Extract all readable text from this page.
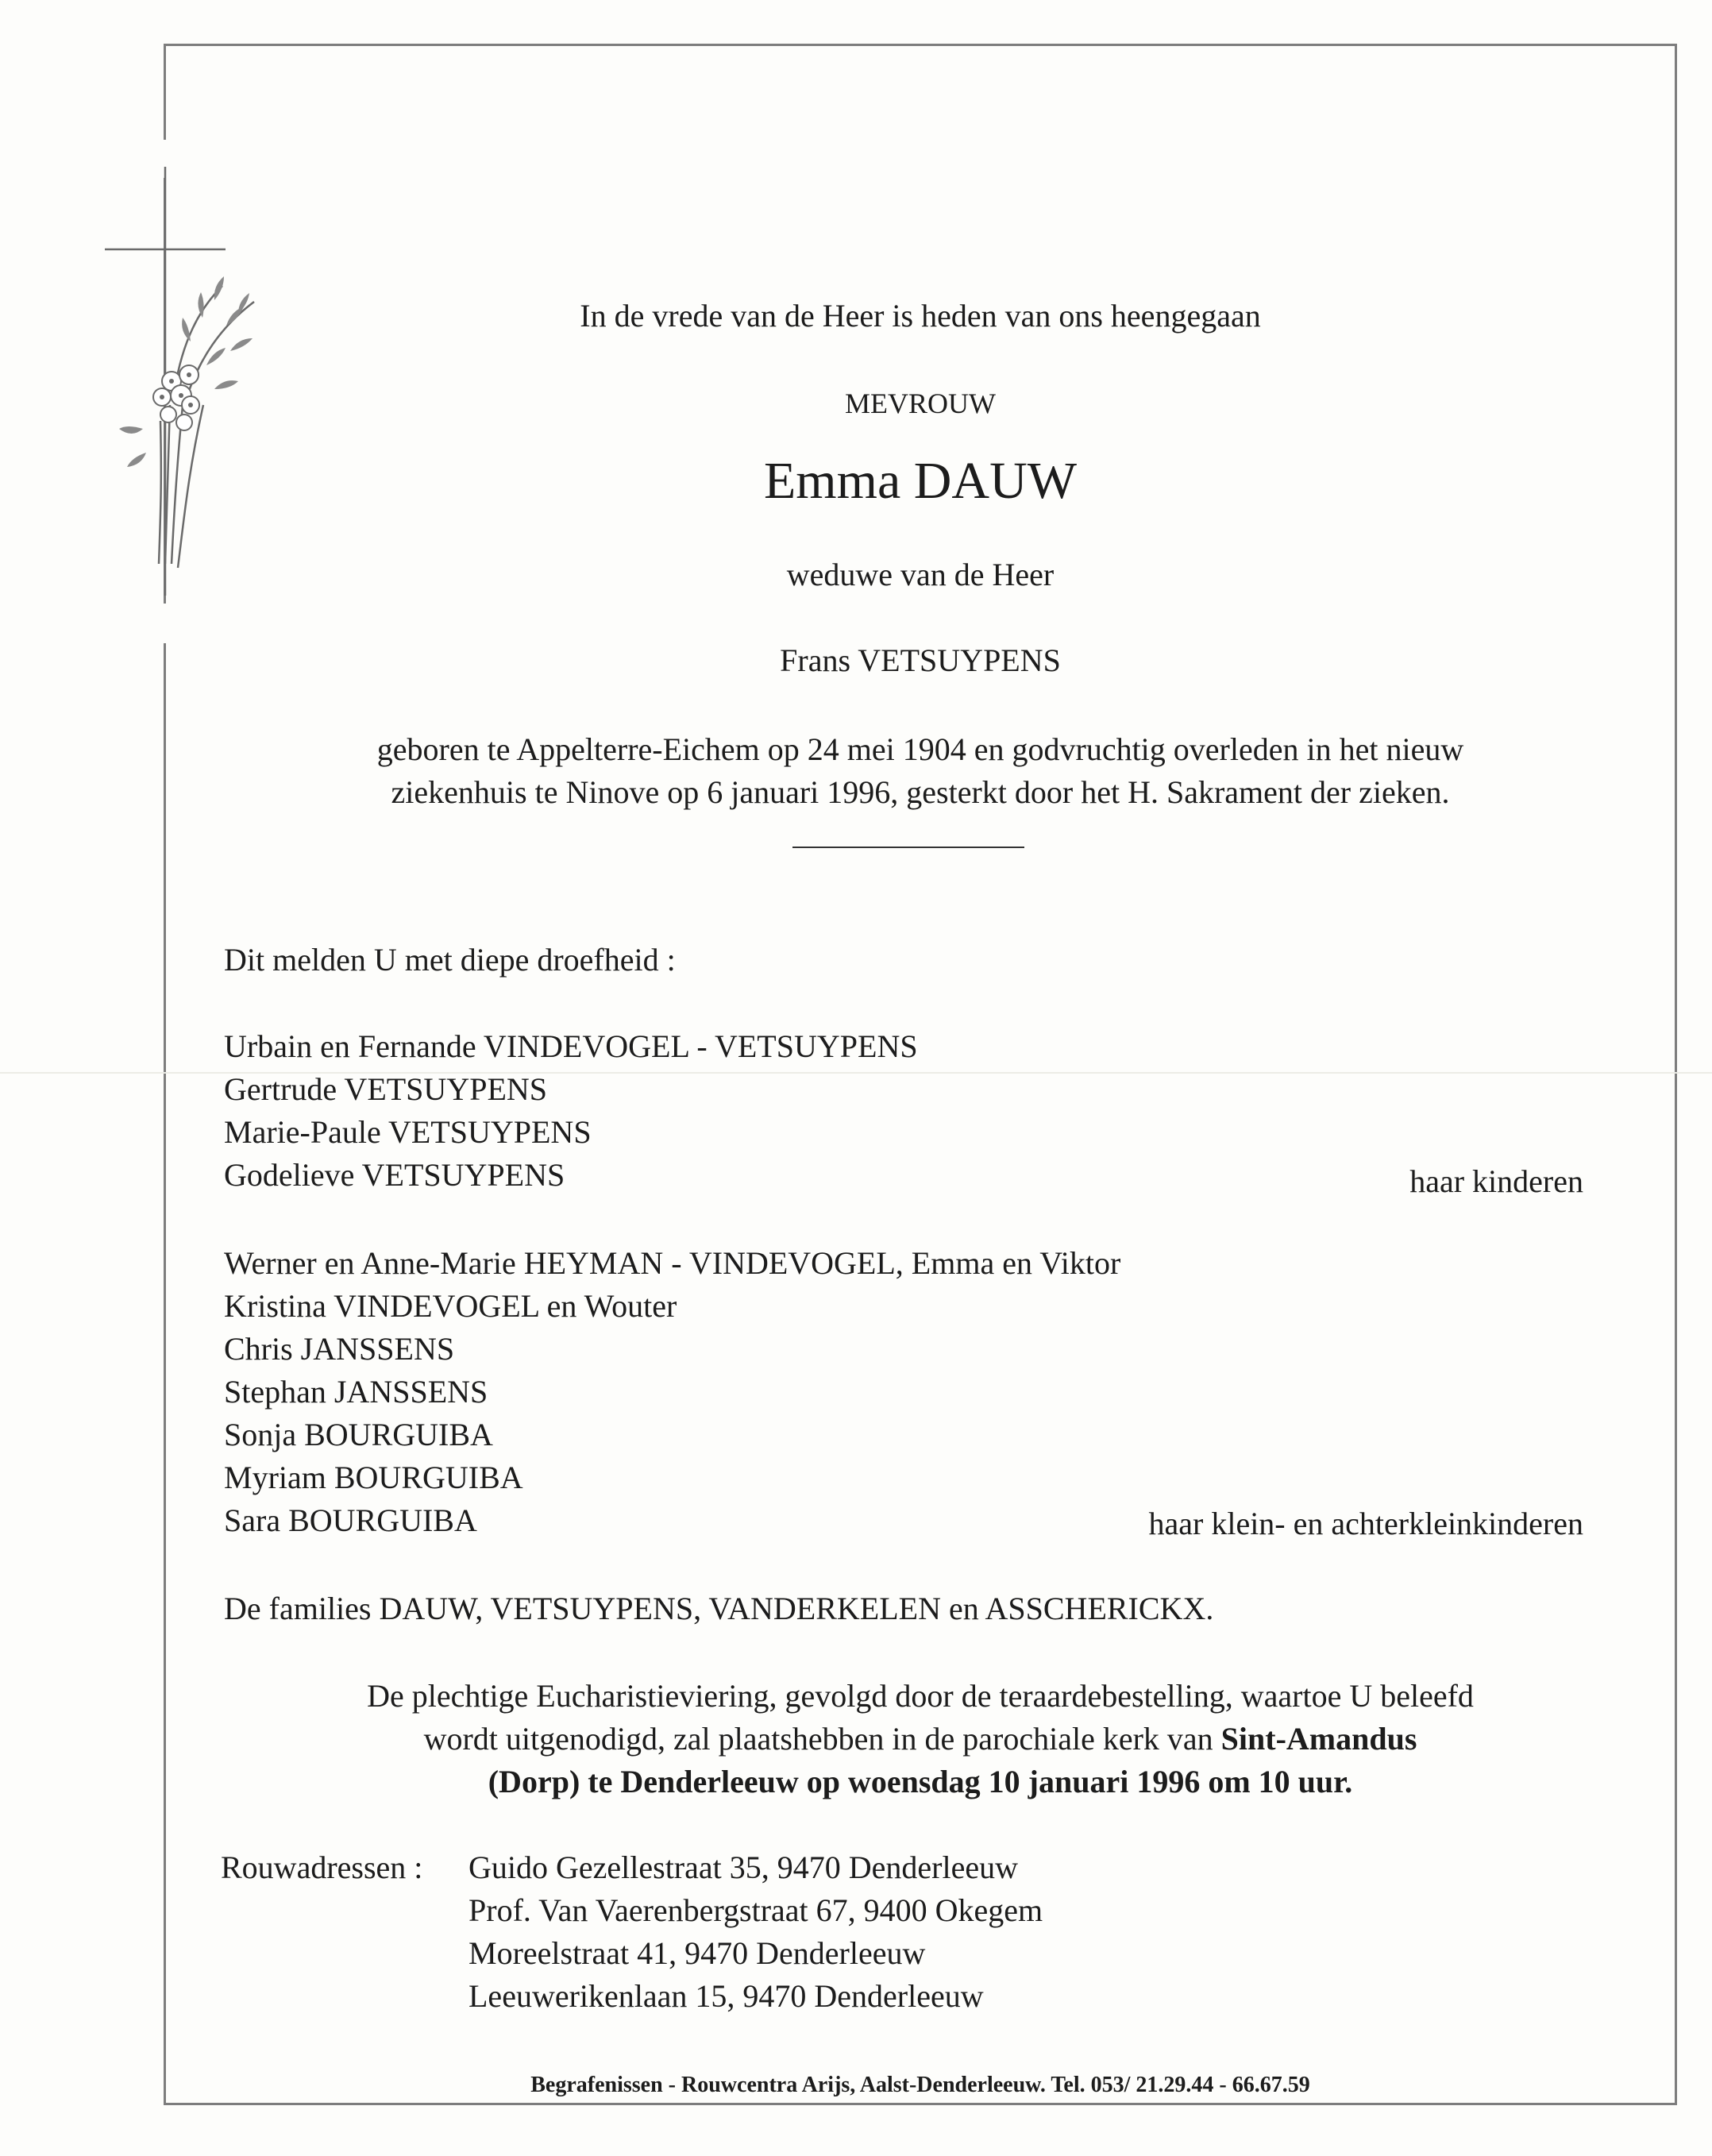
In de vrede van de Heer is heden van ons heengegaan
MEVROUW
Emma DAUW
weduwe van de Heer
Frans VETSUYPENS
geboren te Appelterre-Eichem op 24 mei 1904 en godvruchtig overleden in het nieuw
ziekenhuis te Ninove op 6 januari 1996, gesterkt door het H. Sakrament der zieken.
Dit melden U met diepe droefheid :
Urbain en Fernande VINDEVOGEL - VETSUYPENS
Gertrude VETSUYPENS
Marie-Paule VETSUYPENS
Godelieve VETSUYPENS	haar kinderen
Werner en Anne-Marie HEYMAN - VINDEVOGEL, Emma en Viktor
Kristina VINDEVOGEL en Wouter
Chris JANSSENS
Stephan JANSSENS
Sonja BOURGUIBA
Myriam BOURGUIBA
Sara BOURGUIBA	haar klein- en achterkleinkinderen
De families DAUW, VETSUYPENS, VANDERKELEN en ASSCHERICKX.
De plechtige Eucharistieviering, gevolgd door de teraardebestelling, waartoe U beleefd
wordt uitgenodigd, zal plaatshebben in de parochiale kerk van Sint-Amandus
(Dorp) te Denderleeuw op woensdag 10 januari 1996 om 10 uur.
Rouwadressen : Guido Gezellestraat 35, 9470 Denderleeuw
Prof. Van Vaerenbergstraat 67, 9400 Okegem
Moreelstraat 41, 9470 Denderleeuw
Leeuwerikenlaan 15, 9470 Denderleeuw
Begrafenissen - Rouwcentra Arijs, Aalst-Denderleeuw. Tel. 053/ 21.29.44 - 66.67.59
